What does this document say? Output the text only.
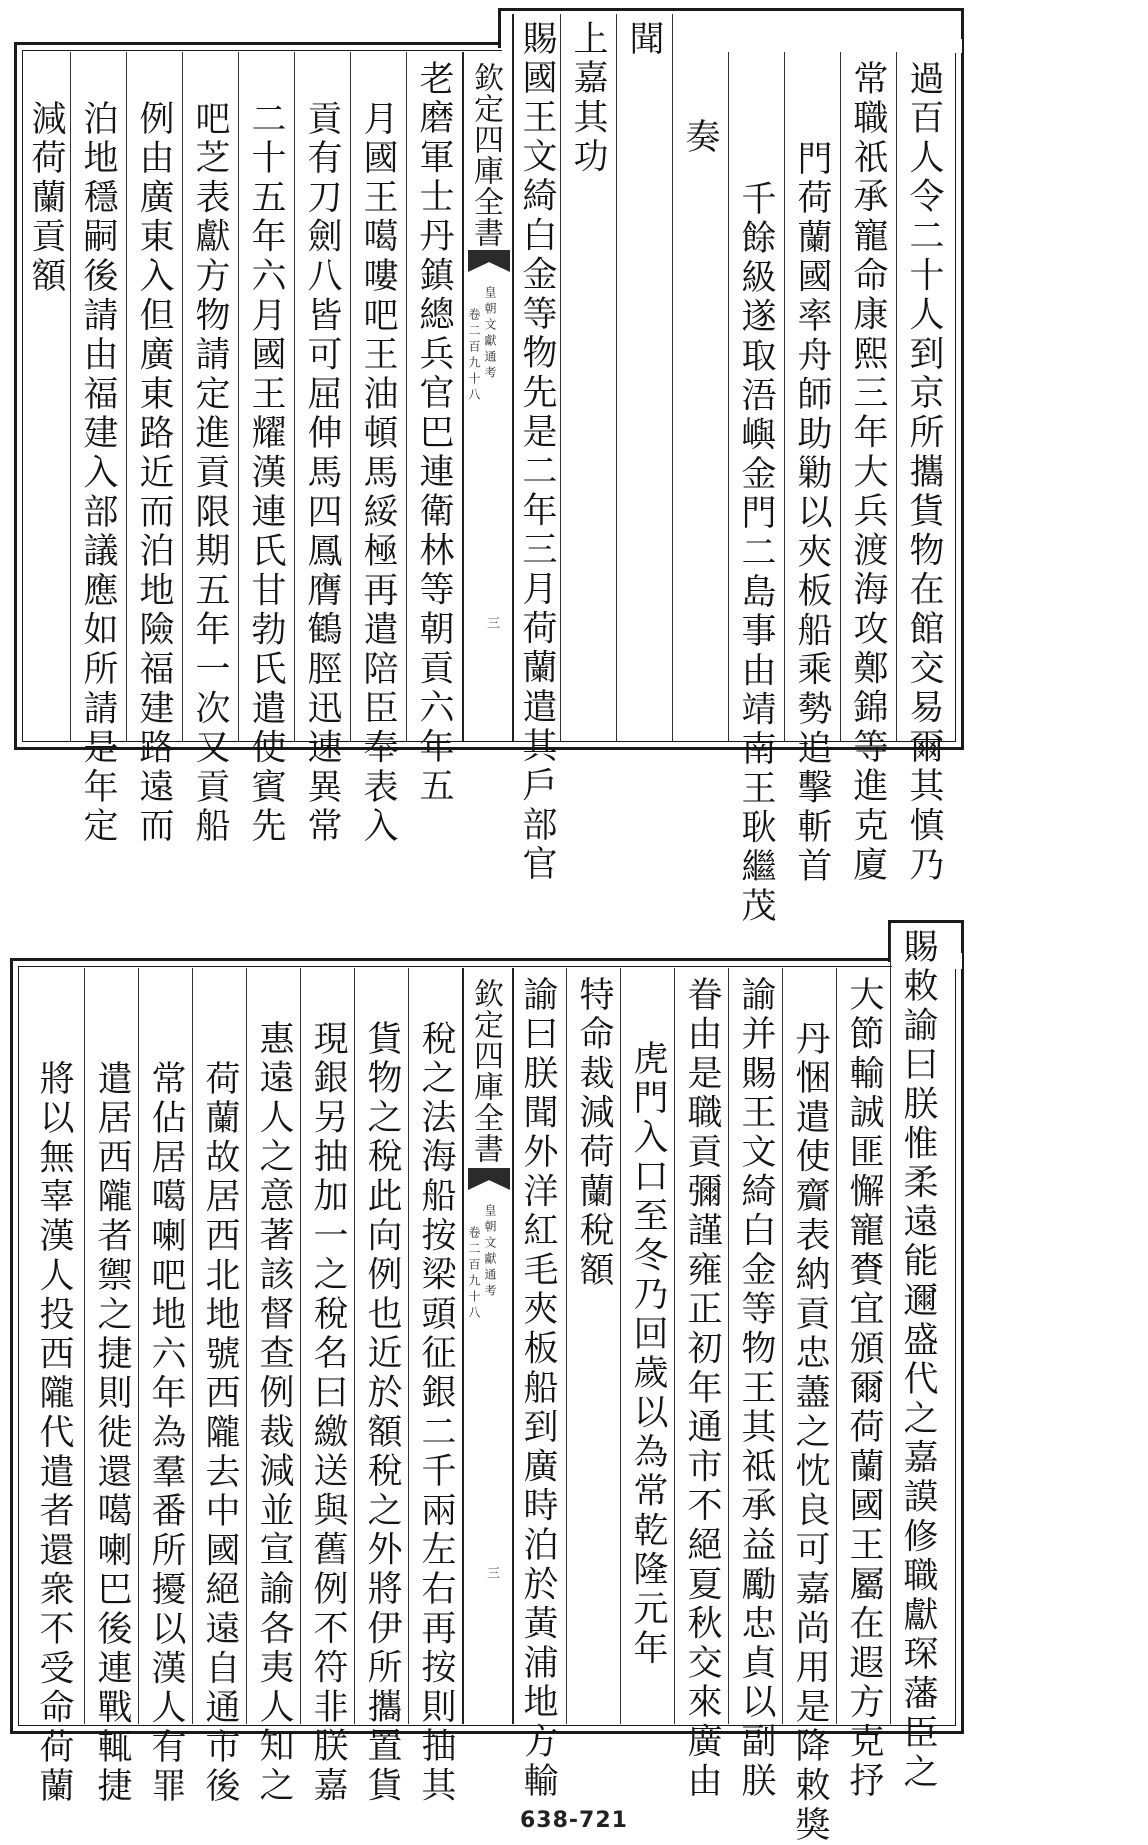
過百人令二十人到京所攜貨物在館交易爾其慎乃
常職祇承寵命康熙三年大兵渡海攻鄭錦等進克廈
門荷蘭國率舟師助勦以夾板船乘勢追擊斬首
千餘級遂取浯嶼金門二島事由靖南王耿繼茂
奏
聞
上嘉其功
賜國王文綺白金等物先是二年三月荷蘭遣其戶部官
欽定四庫全書
皇朝文獻通考
卷二百九十八
三
老磨軍士丹鎮總兵官巴連衛林等朝貢六年五
月國王噶嘍吧王油頓馬綏極再遣陪臣奉表入
貢有刀劍八皆可屈伸馬四鳳膺鶴脛迅速異常
二十五年六月國王耀漢連氏甘勃氏遣使賓先
吧芝表獻方物請定進貢限期五年一次又貢船
例由廣東入但廣東路近而泊地險福建路遠而
泊地穩嗣後請由福建入部議應如所請是年定
減荷蘭貢額
賜敕諭曰朕惟柔遠能邇盛代之嘉謨修職獻琛藩臣之
大節輸誠匪懈寵賚宜頒爾荷蘭國王屬在遐方克抒
丹悃遣使齎表納貢忠藎之忱良可嘉尚用是降敕獎
諭并賜王文綺白金等物王其祗承益勵忠貞以副朕
眷由是職貢彌謹雍正初年通市不絕夏秋交來廣由
虎門入口至冬乃回歲以為常乾隆元年
特命裁減荷蘭稅額
諭曰朕聞外洋紅毛夾板船到廣時泊於黃浦地方輸
欽定四庫全書
皇朝文獻通考
卷二百九十八
三
稅之法海船按梁頭征銀二千兩左右再按則抽其
貨物之稅此向例也近於額稅之外將伊所攜置貨
現銀另抽加一之稅名曰繳送與舊例不符非朕嘉
惠遠人之意著該督查例裁減並宣諭各夷人知之
荷蘭故居西北地號西隴去中國絕遠自通市後
常佔居噶喇吧地六年為羣番所擾以漢人有罪
遣居西隴者禦之捷則徙還噶喇巴後連戰輒捷
將以無辜漢人投西隴代遣者還衆不受命荷蘭
638-721
